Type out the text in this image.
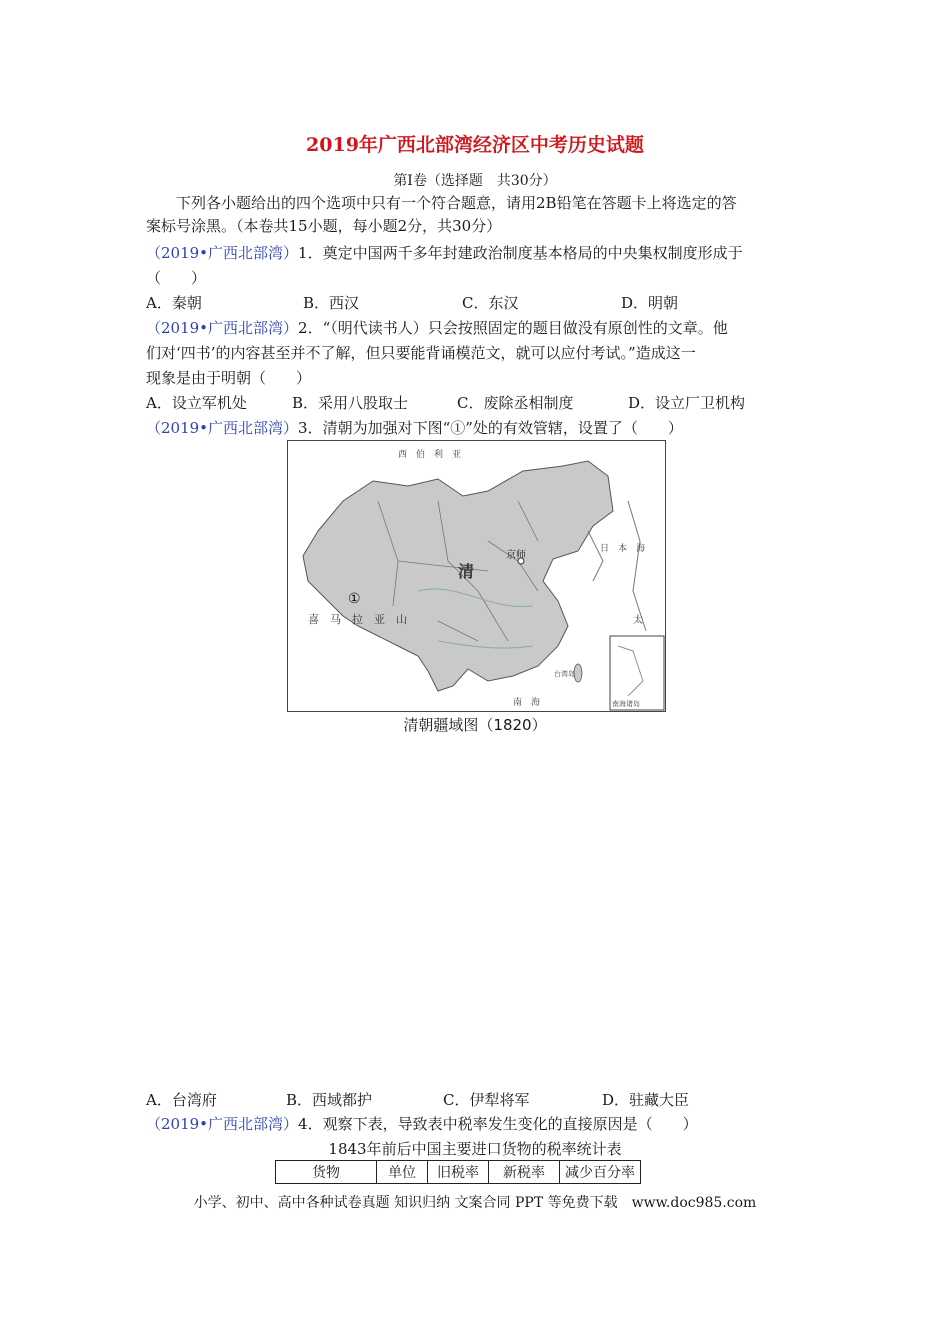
2019年广西北部湾经济区中考历史试题
第Ⅰ卷（选择题　共30分）
　　下列各小题给出的四个选项中只有一个符合题意，请用2B铅笔在答题卡上将选定的答
案标号涂黑。（本卷共15小题，每小题2分，共30分）
（2019•广西北部湾）1．奠定中国两千多年封建政治制度基本格局的中央集权制度形成于
（　　）
A．秦朝	B．西汉	C．东汉	D．明朝
（2019•广西北部湾）2．“（明代读书人）只会按照固定的题目做没有原创性的文章。他
们对‘四书’的内容甚至并不了解，但只要能背诵模范文，就可以应付考试。”造成这一
现象是由于明朝（　　）
A．设立军机处	B．采用八股取士	C．废除丞相制度	D．设立厂卫机构
（2019•广西北部湾）3．清朝为加强对下图“①”处的有效管辖，设置了（　　）
西　伯　利　亚
清
京师
①
喜　马　拉　亚　山
日　本　海
太
南　海
台湾岛
南海诸岛
清朝疆域图（1820）
A．台湾府	B．西域都护	C．伊犁将军	D．驻藏大臣
（2019•广西北部湾）4．观察下表，导致表中税率发生变化的直接原因是（　　）
1843年前后中国主要进口货物的税率统计表
货物	单位	旧税率	新税率	减少百分率
小学、初中、高中各种试卷真题 知识归纳 文案合同 PPT 等免费下载　www.doc985.com
